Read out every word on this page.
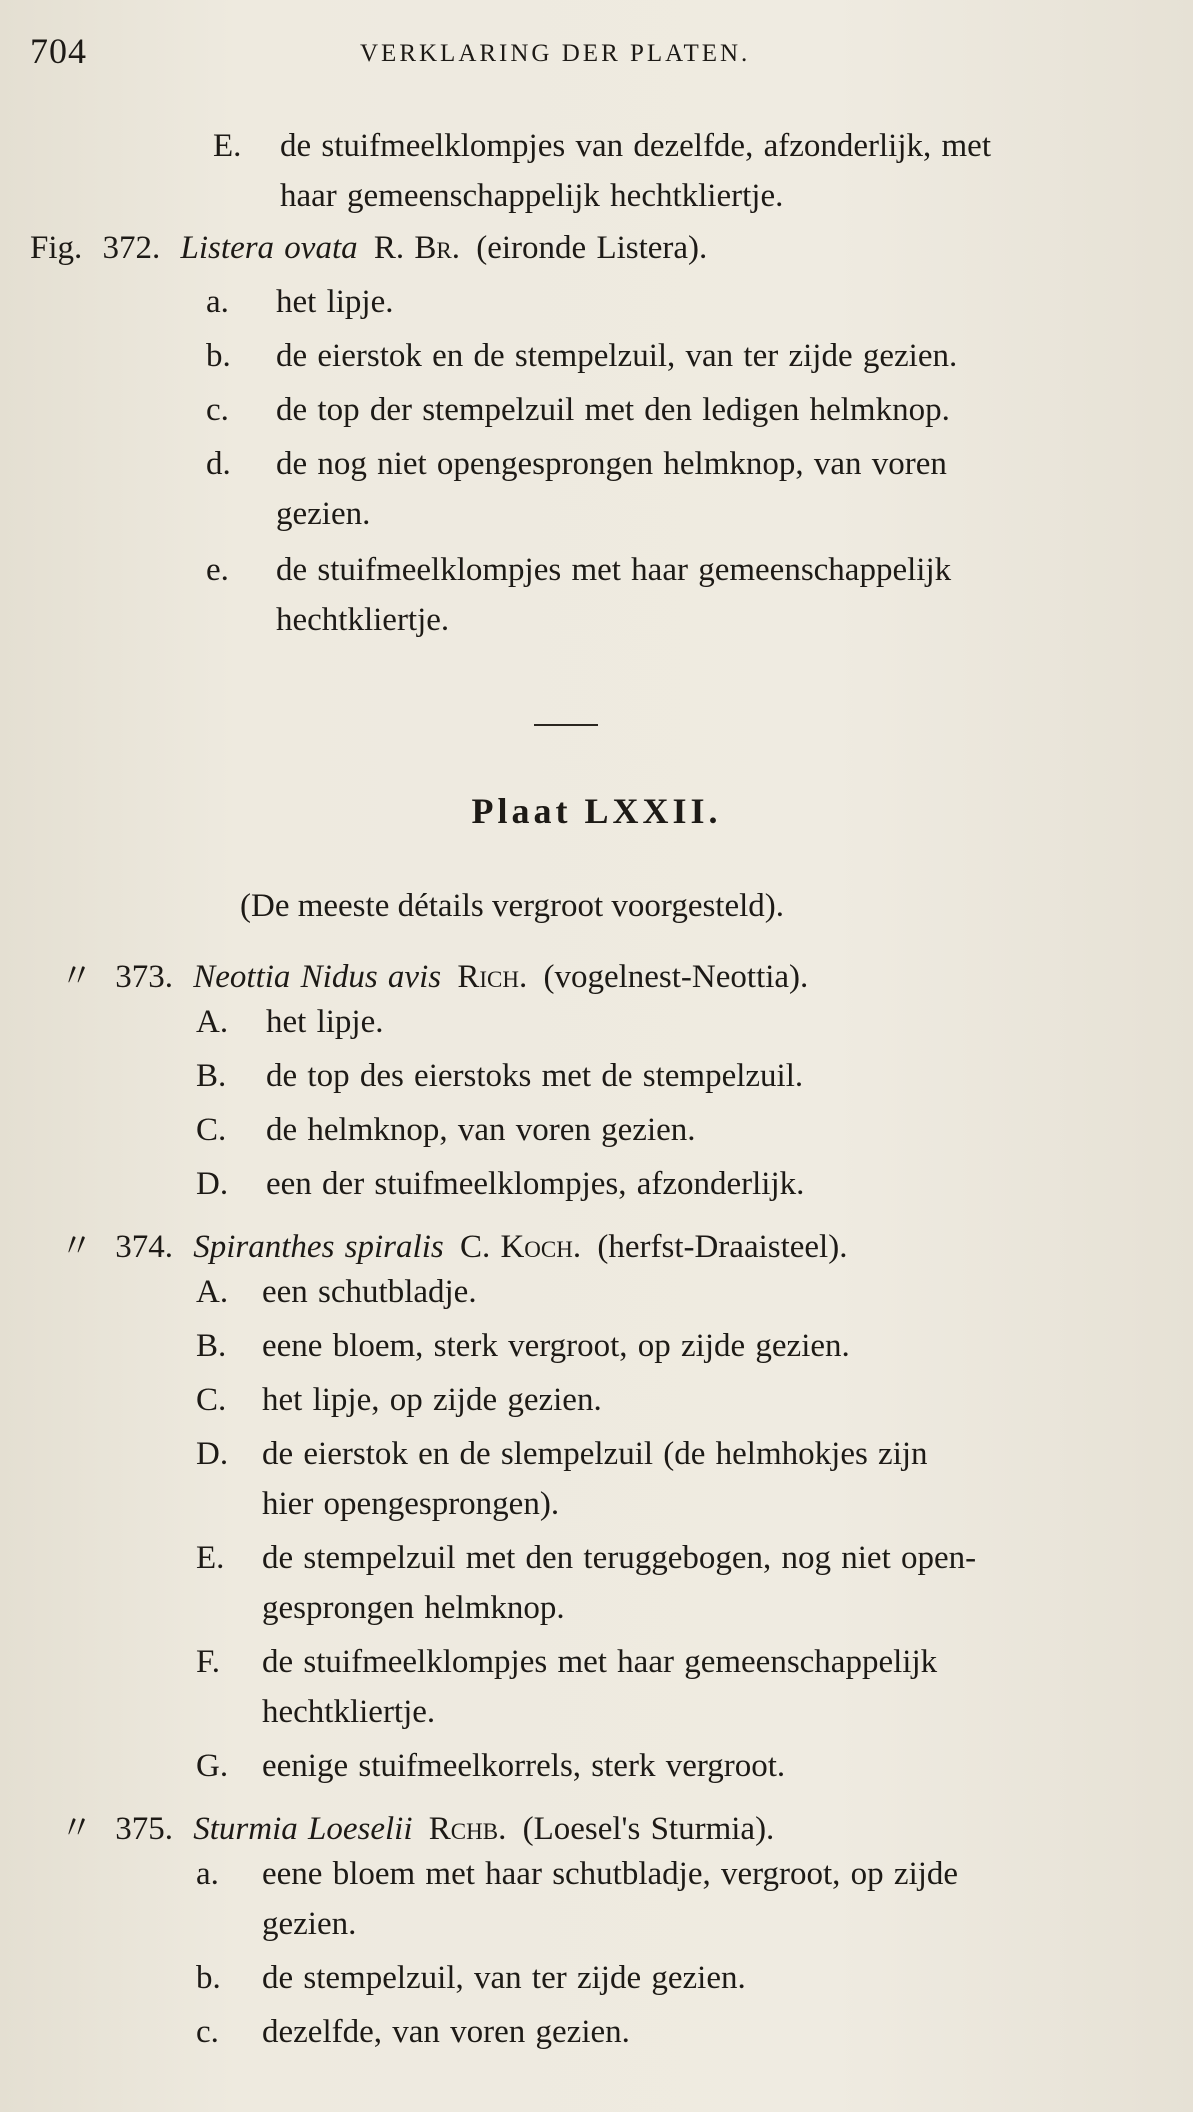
704	VERKLARING DER PLATEN.
E. de stuifmeelklompjes van dezelfde, afzonderlijk, met
haar gemeenschappelijk hechtkliertje.
Fig. 372. Listera ovata R. Br. (eironde Listera).
a. het lipje.
b. de eierstok en de stempelzuil, van ter zijde gezien.
c. de top der stempelzuil met den ledigen helmknop.
d. de nog niet opengesprongen helmknop, van voren
gezien.
e. de stuifmeelklompjes met haar gemeenschappelijk
hechtkliertje.
Plaat LXXII.
(De meeste détails vergroot voorgesteld).
〃 373. Neottia Nidus avis Rich. (vogelnest-Neottia).
A. het lipje.
B. de top des eierstoks met de stempelzuil.
C. de helmknop, van voren gezien.
D. een der stuifmeelklompjes, afzonderlijk.
〃 374. Spiranthes spiralis C. Koch. (herfst-Draaisteel).
A. een schutbladje.
B. eene bloem, sterk vergroot, op zijde gezien.
C. het lipje, op zijde gezien.
D. de eierstok en de slempelzuil (de helmhokjes zijn
hier opengesprongen).
E. de stempelzuil met den teruggebogen, nog niet open-
gesprongen helmknop.
F. de stuifmeelklompjes met haar gemeenschappelijk
hechtkliertje.
G. eenige stuifmeelkorrels, sterk vergroot.
〃 375. Sturmia Loeselii Rchb. (Loesel's Sturmia).
a. eene bloem met haar schutbladje, vergroot, op zijde
gezien.
b. de stempelzuil, van ter zijde gezien.
c. dezelfde, van voren gezien.
